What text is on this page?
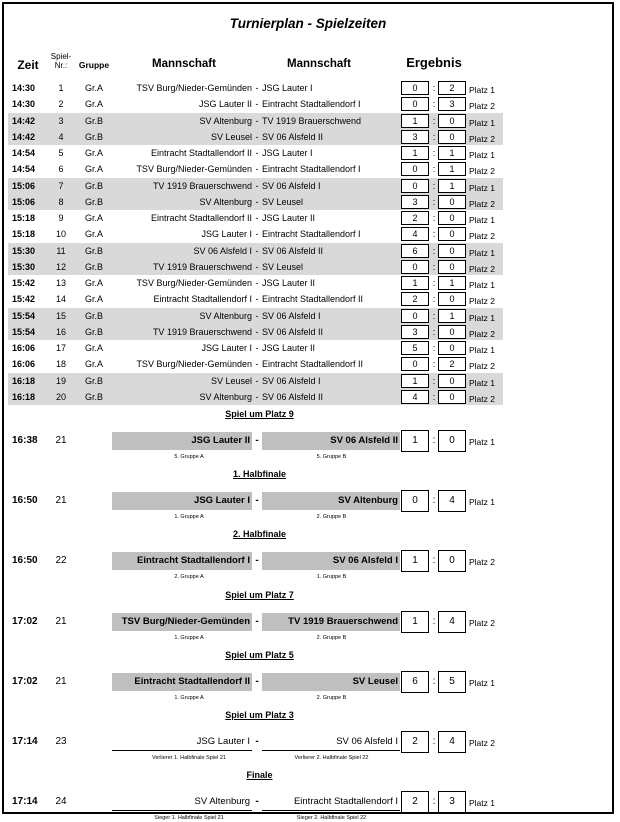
Turnierplan - Spielzeiten
Zeit
Spiel-
Nr.:	Gruppe	Mannschaft	Mannschaft	Ergebnis
14:30	1	Gr.A	TSV Burg/Nieder-Gemünden - JSG Lauter I	0	:	2	Platz 1
14:30	2	Gr.A	JSG Lauter II - Eintracht Stadtallendorf I	0	:	3	Platz 2
14:42	3	Gr.B	SV Altenburg - TV 1919 Brauerschwend	1	:	0	Platz 1
14:42	4	Gr.B	SV Leusel - SV 06 Alsfeld II	3	:	0	Platz 2
14:54	5	Gr.A	Eintracht Stadtallendorf II - JSG Lauter I	1	:	1	Platz 1
14:54	6	Gr.A	TSV Burg/Nieder-Gemünden - Eintracht Stadtallendorf I	0	:	1	Platz 2
15:06	7	Gr.B	TV 1919 Brauerschwend - SV 06 Alsfeld I	0	:	1	Platz 1
15:06	8	Gr.B	SV Altenburg - SV Leusel	3	:	0	Platz 2
15:18	9	Gr.A	Eintracht Stadtallendorf II - JSG Lauter II	2	:	0	Platz 1
15:18	10	Gr.A	JSG Lauter I - Eintracht Stadtallendorf I	4	:	0	Platz 2
15:30	11	Gr.B	SV 06 Alsfeld I - SV 06 Alsfeld II	6	:	0	Platz 1
15:30	12	Gr.B	TV 1919 Brauerschwend - SV Leusel	0	:	0	Platz 2
15:42	13	Gr.A	TSV Burg/Nieder-Gemünden - JSG Lauter II	1	:	1	Platz 1
15:42	14	Gr.A	Eintracht Stadtallendorf I - Eintracht Stadtallendorf II	2	:	0	Platz 2
15:54	15	Gr.B	SV Altenburg - SV 06 Alsfeld I	0	:	1	Platz 1
15:54	16	Gr.B	TV 1919 Brauerschwend - SV 06 Alsfeld II	3	:	0	Platz 2
16:06	17	Gr.A	JSG Lauter I - JSG Lauter II	5	:	0	Platz 1
16:06	18	Gr.A	TSV Burg/Nieder-Gemünden - Eintracht Stadtallendorf II	0	:	2	Platz 2
16:18	19	Gr.B	SV Leusel - SV 06 Alsfeld I	1	:	0	Platz 1
16:18	20	Gr.B	SV Altenburg - SV 06 Alsfeld II	4	:	0	Platz 2
Spiel um Platz 9
16:38	21	JSG Lauter II -	SV 06 Alsfeld II	1	:	0	Platz 1
5. Gruppe A	5. Gruppe B
1. Halbfinale
16:50	21	JSG Lauter I -	SV Altenburg	0	:	4	Platz 1
1. Gruppe A	2. Gruppe B
2. Halbfinale
16:50	22	Eintracht Stadtallendorf I -	SV 06 Alsfeld I	1	:	0	Platz 2
2. Gruppe A	1. Gruppe B
Spiel um Platz 7
17:02	21	TSV Burg/Nieder-Gemünden -	TV 1919 Brauerschwend	1	:	4	Platz 2
1. Gruppe A	2. Gruppe B
Spiel um Platz 5
17:02	21	Eintracht Stadtallendorf II -	SV Leusel	6	:	5	Platz 1
1. Gruppe A	2. Gruppe B
Spiel um Platz 3
17:14	23	JSG Lauter I -	SV 06 Alsfeld I	2	:	4	Platz 2
Verlierer 1. Halbfinale Spiel 21	Verlierer 2. Halbfinale Spiel 22
Finale
17:14	24	SV Altenburg -	Eintracht Stadtallendorf I	2	:	3	Platz 1
Sieger 1. Halbfinale Spiel 21	Sieger 2. Halbfinale Spiel 22
